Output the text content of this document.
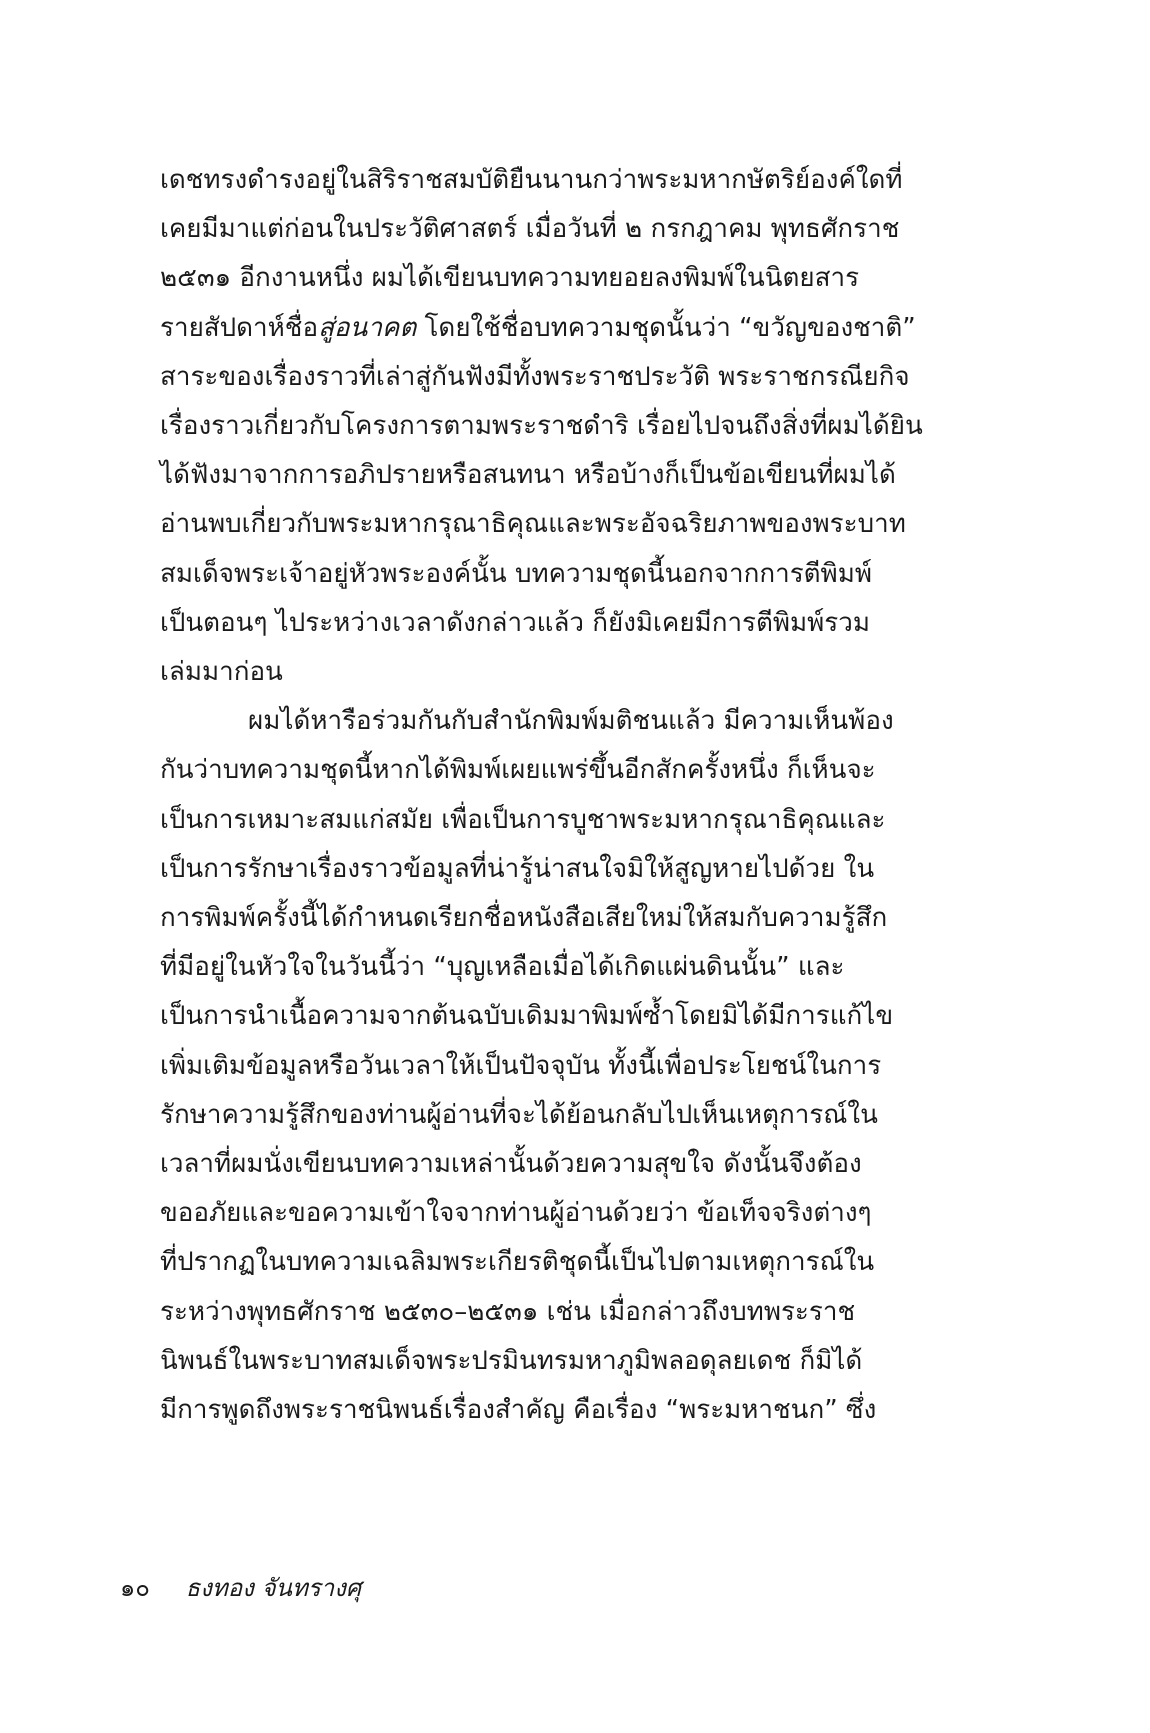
เดชทรงดำรงอยู่ในสิริราชสมบัติยืนนานกว่าพระมหากษัตริย์องค์ใดที่
เคยมีมาแต่ก่อนในประวัติศาสตร์ เมื่อวันที่ ๒ กรกฎาคม พุทธศักราช
๒๕๓๑ อีกงานหนึ่ง ผมได้เขียนบทความทยอยลงพิมพ์ในนิตยสาร
รายสัปดาห์ชื่อสู่อนาคต โดยใช้ชื่อบทความชุดนั้นว่า “ขวัญของชาติ”
สาระของเรื่องราวที่เล่าสู่กันฟังมีทั้งพระราชประวัติ พระราชกรณียกิจ
เรื่องราวเกี่ยวกับโครงการตามพระราชดำริ เรื่อยไปจนถึงสิ่งที่ผมได้ยิน
ได้ฟังมาจากการอภิปรายหรือสนทนา หรือบ้างก็เป็นข้อเขียนที่ผมได้
อ่านพบเกี่ยวกับพระมหากรุณาธิคุณและพระอัจฉริยภาพของพระบาท
สมเด็จพระเจ้าอยู่หัวพระองค์นั้น บทความชุดนี้นอกจากการตีพิมพ์
เป็นตอนๆ ไประหว่างเวลาดังกล่าวแล้ว ก็ยังมิเคยมีการตีพิมพ์รวม
เล่มมาก่อน
ผมได้หารือร่วมกันกับสำนักพิมพ์มติชนแล้ว มีความเห็นพ้อง
กันว่าบทความชุดนี้หากได้พิมพ์เผยแพร่ขึ้นอีกสักครั้งหนึ่ง ก็เห็นจะ
เป็นการเหมาะสมแก่สมัย เพื่อเป็นการบูชาพระมหากรุณาธิคุณและ
เป็นการรักษาเรื่องราวข้อมูลที่น่ารู้น่าสนใจมิให้สูญหายไปด้วย ใน
การพิมพ์ครั้งนี้ได้กำหนดเรียกชื่อหนังสือเสียใหม่ให้สมกับความรู้สึก
ที่มีอยู่ในหัวใจในวันนี้ว่า “บุญเหลือเมื่อได้เกิดแผ่นดินนั้น” และ
เป็นการนำเนื้อความจากต้นฉบับเดิมมาพิมพ์ซ้ำโดยมิได้มีการแก้ไข
เพิ่มเติมข้อมูลหรือวันเวลาให้เป็นปัจจุบัน ทั้งนี้เพื่อประโยชน์ในการ
รักษาความรู้สึกของท่านผู้อ่านที่จะได้ย้อนกลับไปเห็นเหตุการณ์ใน
เวลาที่ผมนั่งเขียนบทความเหล่านั้นด้วยความสุขใจ ดังนั้นจึงต้อง
ขออภัยและขอความเข้าใจจากท่านผู้อ่านด้วยว่า ข้อเท็จจริงต่างๆ
ที่ปรากฏในบทความเฉลิมพระเกียรติชุดนี้เป็นไปตามเหตุการณ์ใน
ระหว่างพุทธศักราช ๒๕๓๐–๒๕๓๑ เช่น เมื่อกล่าวถึงบทพระราช
นิพนธ์ในพระบาทสมเด็จพระปรมินทรมหาภูมิพลอดุลยเดช ก็มิได้
มีการพูดถึงพระราชนิพนธ์เรื่องสำคัญ คือเรื่อง “พระมหาชนก” ซึ่ง
๑๐ ธงทอง จันทรางศุ
